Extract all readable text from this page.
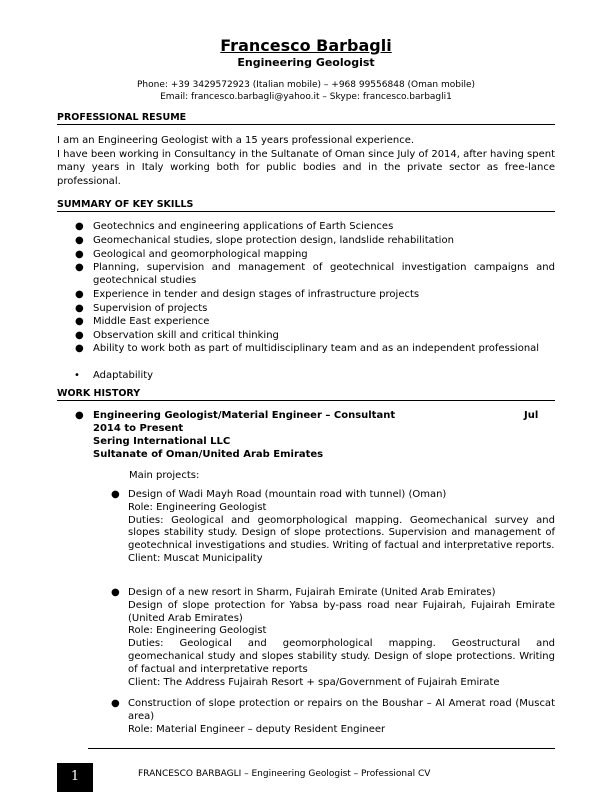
Francesco Barbagli
Engineering Geologist
Phone: +39 3429572923 (Italian mobile) – +968 99556848 (Oman mobile)
Email: francesco.barbagli@yahoo.it – Skype: francesco.barbagli1
PROFESSIONAL RESUME

I am an Engineering Geologist with a 15 years professional experience.

I have been working in Consultancy in the Sultanate of Oman since July of 2014, after having spent many years in Italy working both for public bodies and in the private sector as free-lance professional.

SUMMARY OF KEY SKILLS
● Geotechnics and engineering applications of Earth Sciences

● Geomechanical studies, slope protection design, landslide rehabilitation

● Geological and geomorphological mapping

● Planning, supervision and management of geotechnical investigation campaigns and geotechnical studies

● Experience in tender and design stages of infrastructure projects

● Supervision of projects

● Middle East experience

● Observation skill and critical thinking

● Ability to work both as part of multidisciplinary team and as an independent professional

• Adaptability

WORK HISTORY
● Engineering Geologist/Material Engineer – Consultant	Jul
2014 to Present
Sering International LLC
Sultanate of Oman/United Arab Emirates
Main projects:
● Design of Wadi Mayh Road (mountain road with tunnel) (Oman)
Role: Engineering Geologist
Duties: Geological and geomorphological mapping. Geomechanical survey and slopes stability study. Design of slope protections. Supervision and management of geotechnical investigations and studies. Writing of factual and interpretative reports.
Client: Muscat Municipality
● Design of a new resort in Sharm, Fujairah Emirate (United Arab Emirates)
Design of slope protection for Yabsa by-pass road near Fujairah, Fujairah Emirate (United Arab Emirates)
Role: Engineering Geologist
Duties: Geological and geomorphological mapping. Geostructural and geomechanical study and slopes stability study. Design of slope protections. Writing of factual and interpretative reports
Client: The Address Fujairah Resort + spa/Government of Fujairah Emirate
● Construction of slope protection or repairs on the Boushar – Al Amerat road (Muscat area)
Role: Material Engineer – deputy Resident Engineer
1	FRANCESCO BARBAGLI – Engineering Geologist – Professional CV
